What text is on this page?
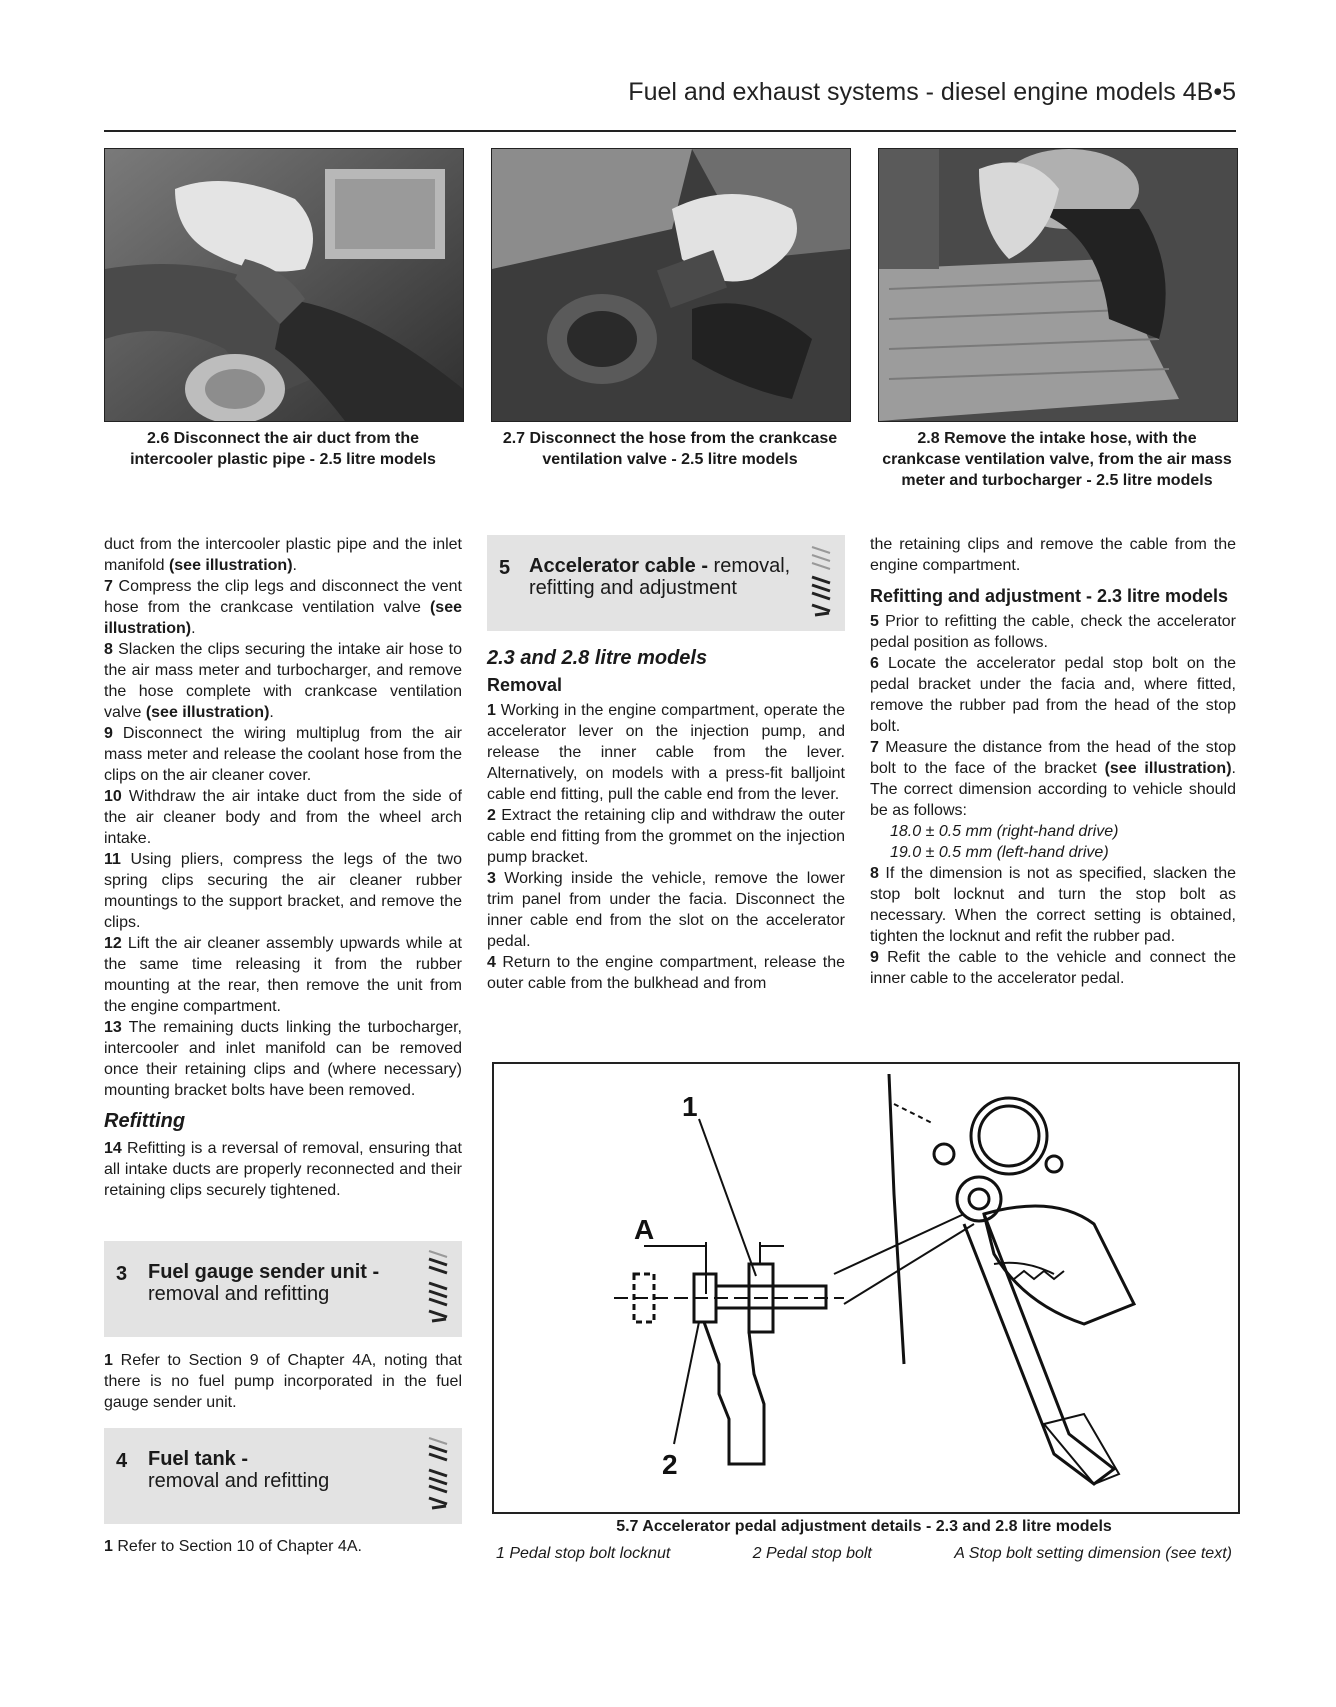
Fuel and exhaust systems - diesel engine models 4B•5
2.6 Disconnect the air duct from the intercooler plastic pipe - 2.5 litre models
2.7 Disconnect the hose from the crankcase ventilation valve - 2.5 litre models
2.8 Remove the intake hose, with the crankcase ventilation valve, from the air mass meter and turbocharger - 2.5 litre models

duct from the intercooler plastic pipe and the inlet manifold (see illustration).

7 Compress the clip legs and disconnect the vent hose from the crankcase ventilation valve (see illustration).

8 Slacken the clips securing the intake air hose to the air mass meter and turbocharger, and remove the hose complete with crankcase ventilation valve (see illustration).

9 Disconnect the wiring multiplug from the air mass meter and release the coolant hose from the clips on the air cleaner cover.

10 Withdraw the air intake duct from the side of the air cleaner body and from the wheel arch intake.

11 Using pliers, compress the legs of the two spring clips securing the air cleaner rubber mountings to the support bracket, and remove the clips.

12 Lift the air cleaner assembly upwards while at the same time releasing it from the rubber mounting at the rear, then remove the unit from the engine compartment.

13 The remaining ducts linking the turbocharger, intercooler and inlet manifold can be removed once their retaining clips and (where necessary) mounting bracket bolts have been removed.

Refitting

14 Refitting is a reversal of removal, ensuring that all intake ducts are properly reconnected and their retaining clips securely tightened.

3 Fuel gauge sender unit -
removal and refitting

1 Refer to Section 9 of Chapter 4A, noting that there is no fuel pump incorporated in the fuel gauge sender unit.

4 Fuel tank -
removal and refitting

1 Refer to Section 10 of Chapter 4A.

5 Accelerator cable - removal,
refitting and adjustment
2.3 and 2.8 litre models
Removal

1 Working in the engine compartment, operate the accelerator lever on the injection pump, and release the inner cable from the lever. Alternatively, on models with a press-fit balljoint cable end fitting, pull the cable end from the lever.

2 Extract the retaining clip and withdraw the outer cable end fitting from the grommet on the injection pump bracket.

3 Working inside the vehicle, remove the lower trim panel from under the facia. Disconnect the inner cable end from the slot on the accelerator pedal.

4 Return to the engine compartment, release the outer cable from the bulkhead and from

the retaining clips and remove the cable from the engine compartment.

Refitting and adjustment - 2.3 litre models

5 Prior to refitting the cable, check the accelerator pedal position as follows.

6 Locate the accelerator pedal stop bolt on the pedal bracket under the facia and, where fitted, remove the rubber pad from the head of the stop bolt.

7 Measure the distance from the head of the stop bolt to the face of the bracket (see illustration). The correct dimension according to vehicle should be as follows:

18.0 ± 0.5 mm (right-hand drive)

19.0 ± 0.5 mm (left-hand drive)

8 If the dimension is not as specified, slacken the stop bolt locknut and turn the stop bolt as necessary. When the correct setting is obtained, tighten the locknut and refit the rubber pad.

9 Refit the cable to the vehicle and connect the inner cable to the accelerator pedal.

1
2
A
5.7 Accelerator pedal adjustment details - 2.3 and 2.8 litre models
1 Pedal stop bolt locknut	2 Pedal stop bolt	A Stop bolt setting dimension (see text)
